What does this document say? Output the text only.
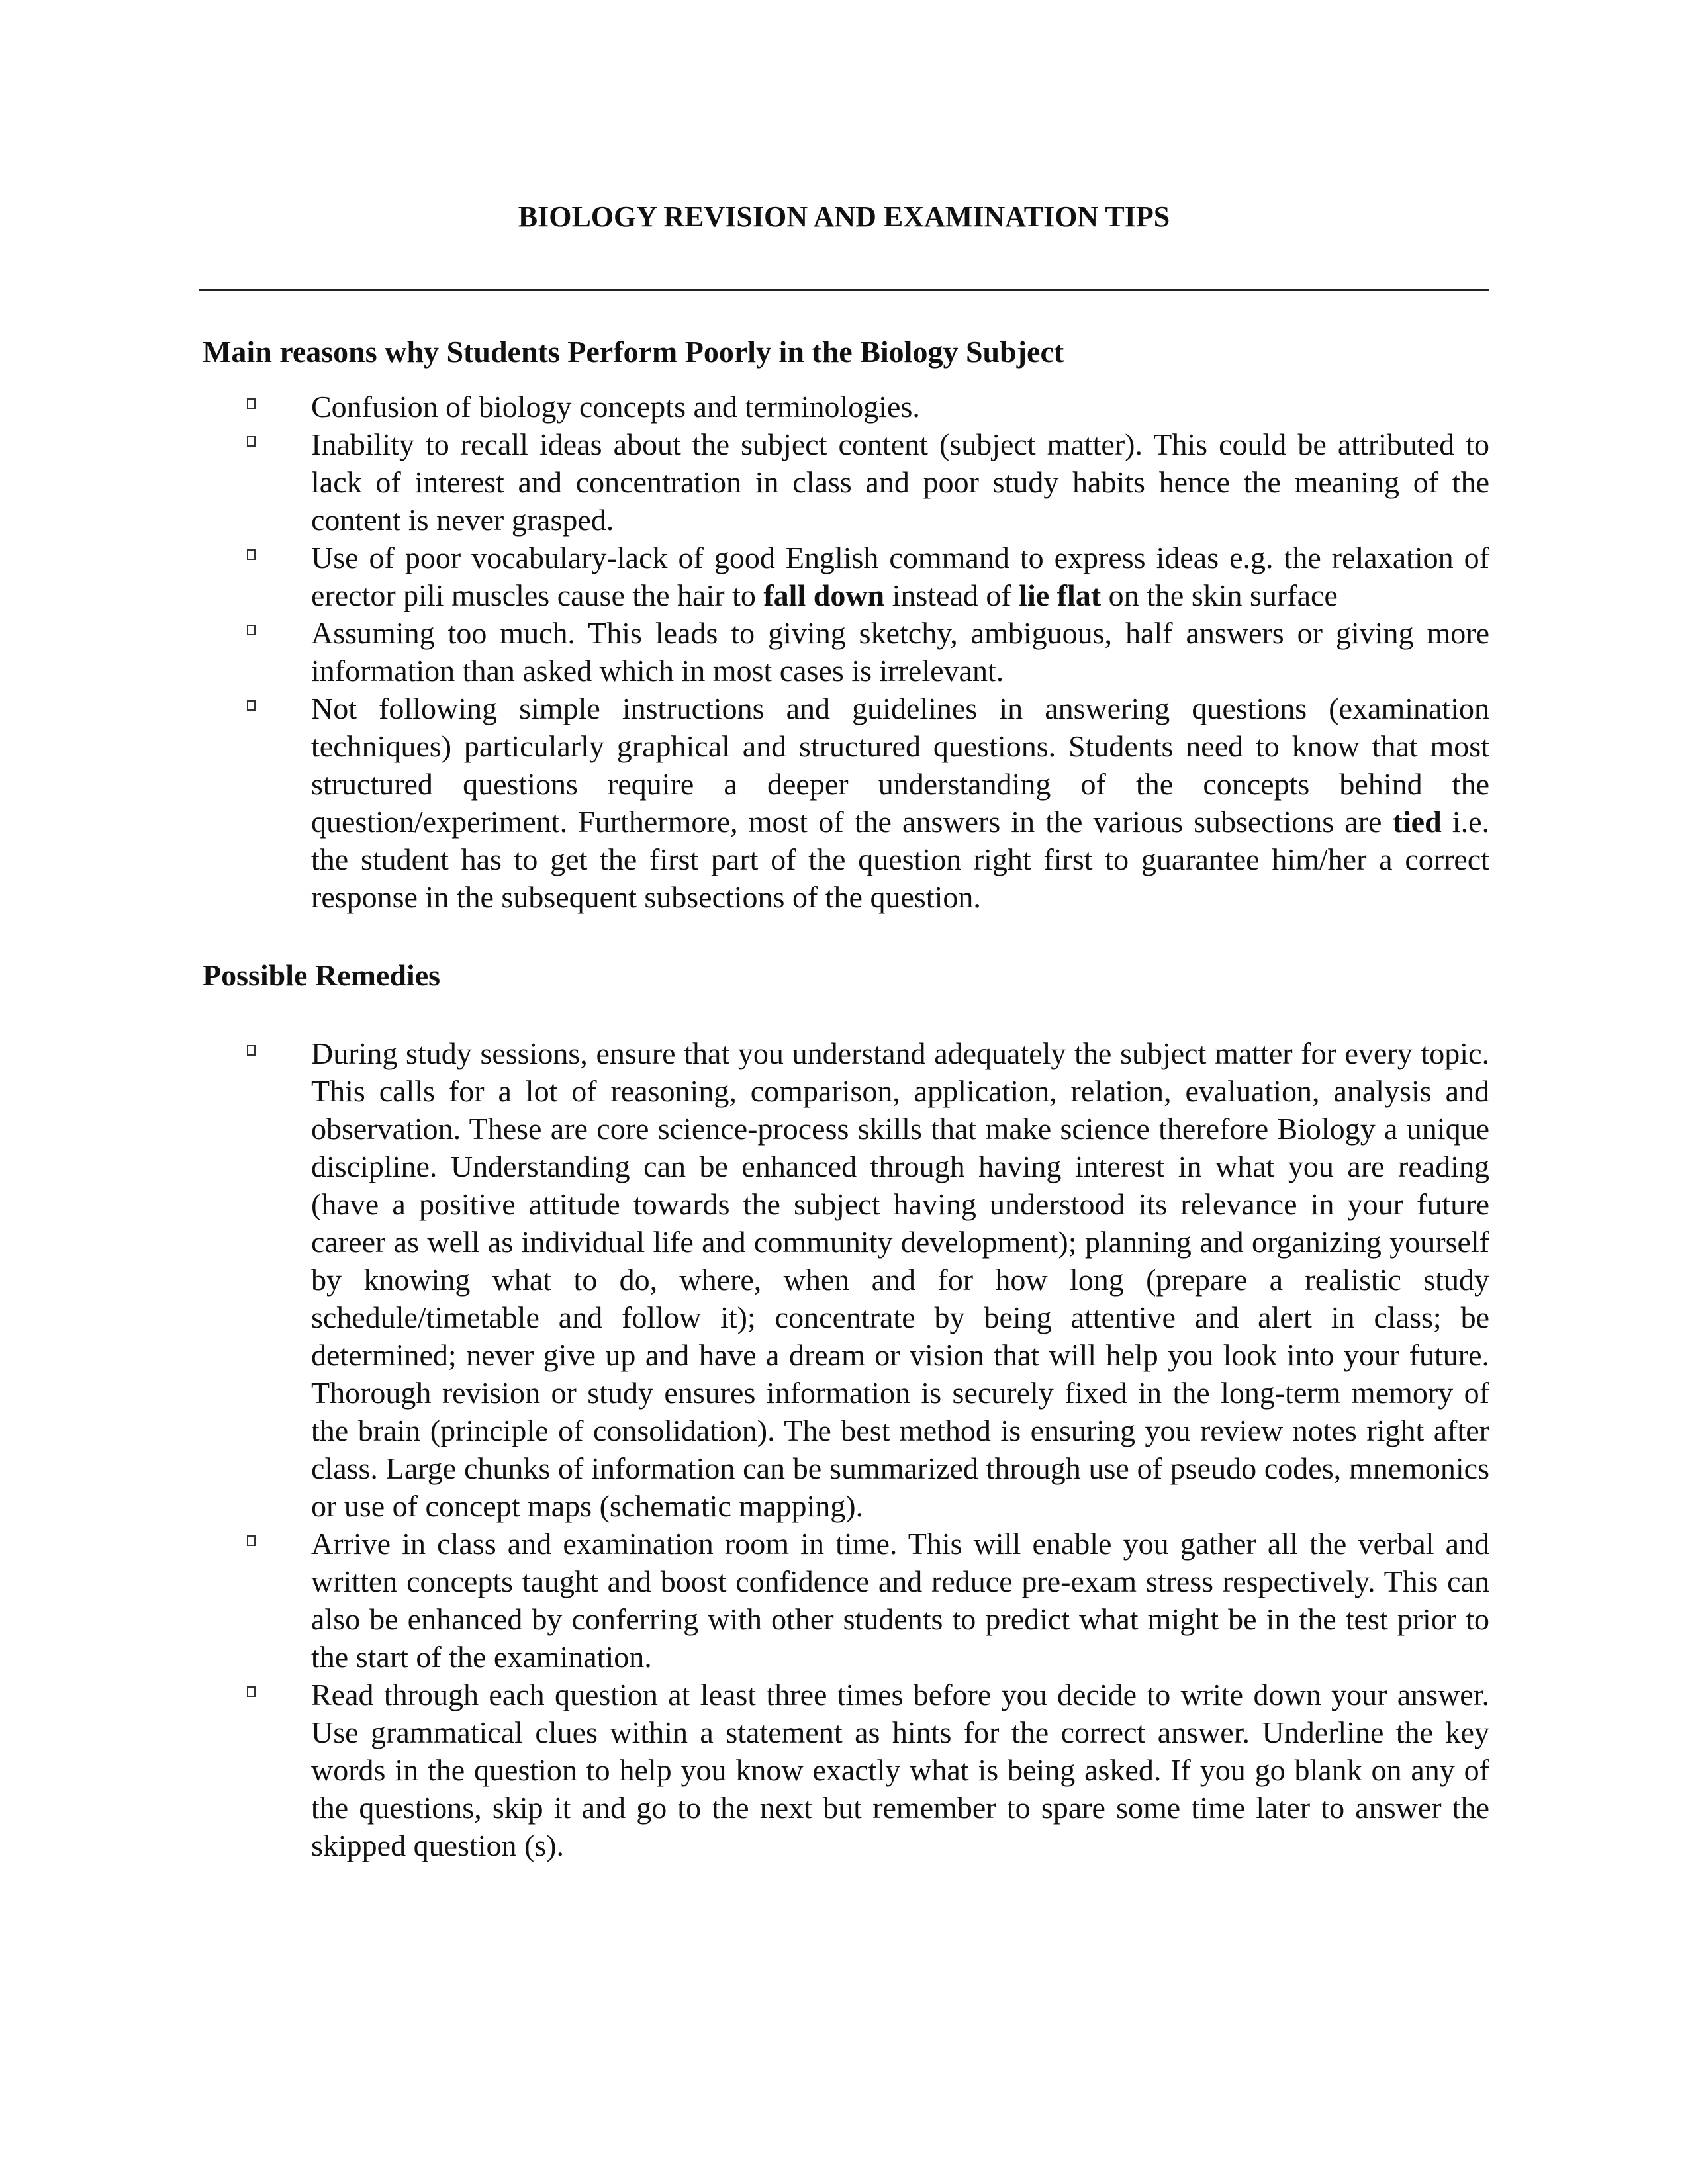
BIOLOGY REVISION AND EXAMINATION TIPS
Main reasons why Students Perform Poorly in the Biology Subject
Confusion of biology concepts and terminologies.
Inability to recall ideas about the subject content (subject matter). This could be attributed to lack of interest and concentration in class and poor study habits hence the meaning of the content is never grasped.
Use of poor vocabulary-lack of good English command to express ideas e.g. the relaxation of erector pili muscles cause the hair to fall down instead of lie flat on the skin surface
Assuming too much. This leads to giving sketchy, ambiguous, half answers or giving more information than asked which in most cases is irrelevant.
Not following simple instructions and guidelines in answering questions (examination techniques) particularly graphical and structured questions. Students need to know that most structured questions require a deeper understanding of the concepts behind the question/experiment. Furthermore, most of the answers in the various subsections are tied i.e. the student has to get the first part of the question right first to guarantee him/her a correct response in the subsequent subsections of the question.
Possible Remedies
During study sessions, ensure that you understand adequately the subject matter for every topic. This calls for a lot of reasoning, comparison, application, relation, evaluation, analysis and observation. These are core science-process skills that make science therefore Biology a unique discipline. Understanding can be enhanced through having interest in what you are reading (have a positive attitude towards the subject having understood its relevance in your future career as well as individual life and community development); planning and organizing yourself by knowing what to do, where, when and for how long (prepare a realistic study schedule/timetable and follow it); concentrate by being attentive and alert in class; be determined; never give up and have a dream or vision that will help you look into your future. Thorough revision or study ensures information is securely fixed in the long-term memory of the brain (principle of consolidation). The best method is ensuring you review notes right after class. Large chunks of information can be summarized through use of pseudo codes, mnemonics or use of concept maps (schematic mapping).
Arrive in class and examination room in time. This will enable you gather all the verbal and written concepts taught and boost confidence and reduce pre-exam stress respectively. This can also be enhanced by conferring with other students to predict what might be in the test prior to the start of the examination.
Read through each question at least three times before you decide to write down your answer. Use grammatical clues within a statement as hints for the correct answer. Underline the key words in the question to help you know exactly what is being asked. If you go blank on any of the questions, skip it and go to the next but remember to spare some time later to answer the skipped question (s).
